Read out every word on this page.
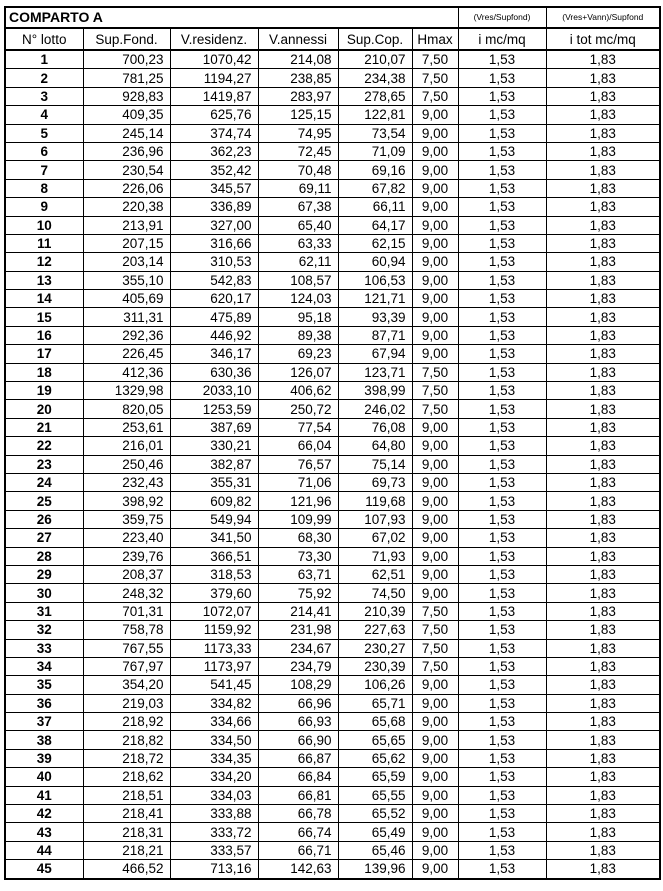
COMPARTO A						(Vres/Supfond)	(Vres+Vann)/Supfond
N° lotto	Sup.Fond.	V.residenz.	V.annessi	Sup.Cop.	Hmax	i mc/mq	i tot mc/mq
1	700,23	1070,42	214,08	210,07	7,50	1,53	1,83
2	781,25	1194,27	238,85	234,38	7,50	1,53	1,83
3	928,83	1419,87	283,97	278,65	7,50	1,53	1,83
4	409,35	625,76	125,15	122,81	9,00	1,53	1,83
5	245,14	374,74	74,95	73,54	9,00	1,53	1,83
6	236,96	362,23	72,45	71,09	9,00	1,53	1,83
7	230,54	352,42	70,48	69,16	9,00	1,53	1,83
8	226,06	345,57	69,11	67,82	9,00	1,53	1,83
9	220,38	336,89	67,38	66,11	9,00	1,53	1,83
10	213,91	327,00	65,40	64,17	9,00	1,53	1,83
11	207,15	316,66	63,33	62,15	9,00	1,53	1,83
12	203,14	310,53	62,11	60,94	9,00	1,53	1,83
13	355,10	542,83	108,57	106,53	9,00	1,53	1,83
14	405,69	620,17	124,03	121,71	9,00	1,53	1,83
15	311,31	475,89	95,18	93,39	9,00	1,53	1,83
16	292,36	446,92	89,38	87,71	9,00	1,53	1,83
17	226,45	346,17	69,23	67,94	9,00	1,53	1,83
18	412,36	630,36	126,07	123,71	7,50	1,53	1,83
19	1329,98	2033,10	406,62	398,99	7,50	1,53	1,83
20	820,05	1253,59	250,72	246,02	7,50	1,53	1,83
21	253,61	387,69	77,54	76,08	9,00	1,53	1,83
22	216,01	330,21	66,04	64,80	9,00	1,53	1,83
23	250,46	382,87	76,57	75,14	9,00	1,53	1,83
24	232,43	355,31	71,06	69,73	9,00	1,53	1,83
25	398,92	609,82	121,96	119,68	9,00	1,53	1,83
26	359,75	549,94	109,99	107,93	9,00	1,53	1,83
27	223,40	341,50	68,30	67,02	9,00	1,53	1,83
28	239,76	366,51	73,30	71,93	9,00	1,53	1,83
29	208,37	318,53	63,71	62,51	9,00	1,53	1,83
30	248,32	379,60	75,92	74,50	9,00	1,53	1,83
31	701,31	1072,07	214,41	210,39	7,50	1,53	1,83
32	758,78	1159,92	231,98	227,63	7,50	1,53	1,83
33	767,55	1173,33	234,67	230,27	7,50	1,53	1,83
34	767,97	1173,97	234,79	230,39	7,50	1,53	1,83
35	354,20	541,45	108,29	106,26	9,00	1,53	1,83
36	219,03	334,82	66,96	65,71	9,00	1,53	1,83
37	218,92	334,66	66,93	65,68	9,00	1,53	1,83
38	218,82	334,50	66,90	65,65	9,00	1,53	1,83
39	218,72	334,35	66,87	65,62	9,00	1,53	1,83
40	218,62	334,20	66,84	65,59	9,00	1,53	1,83
41	218,51	334,03	66,81	65,55	9,00	1,53	1,83
42	218,41	333,88	66,78	65,52	9,00	1,53	1,83
43	218,31	333,72	66,74	65,49	9,00	1,53	1,83
44	218,21	333,57	66,71	65,46	9,00	1,53	1,83
45	466,52	713,16	142,63	139,96	9,00	1,53	1,83
